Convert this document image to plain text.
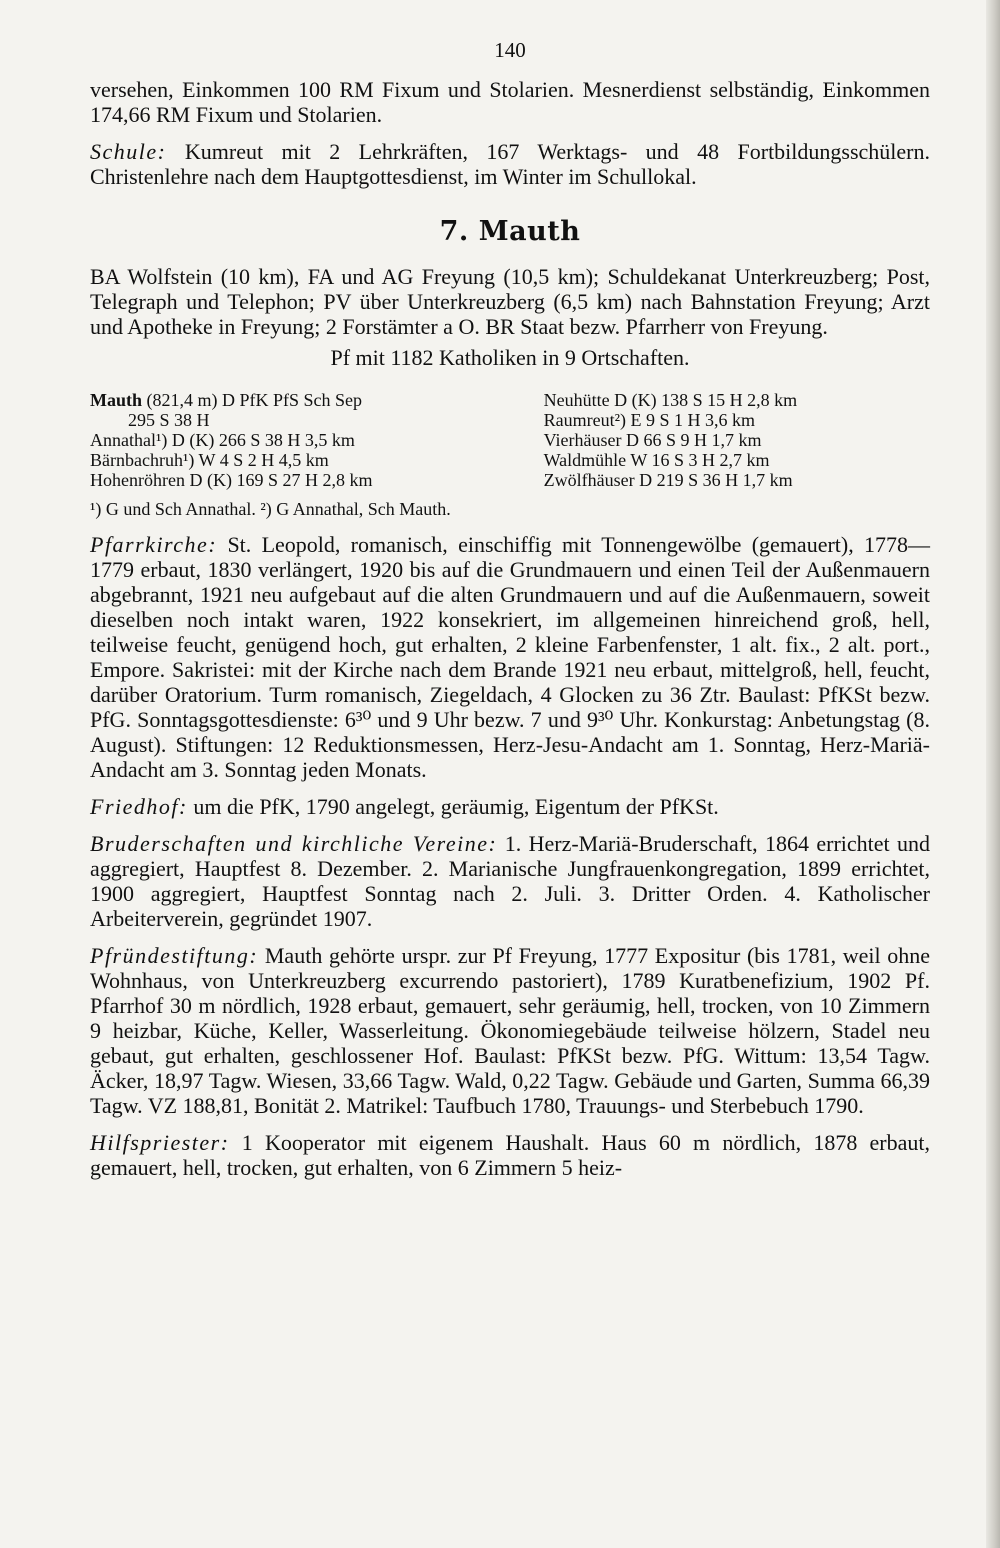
140

versehen, Einkommen 100 RM Fixum und Stolarien. Mesnerdienst selbständig, Einkommen 174,66 RM Fixum und Stolarien.

Schule: Kumreut mit 2 Lehrkräften, 167 Werktags- und 48 Fortbildungsschülern. Christenlehre nach dem Hauptgottesdienst, im Winter im Schullokal.

7. Mauth

BA Wolfstein (10 km), FA und AG Freyung (10,5 km); Schuldekanat Unterkreuzberg; Post, Telegraph und Telephon; PV über Unterkreuzberg (6,5 km) nach Bahnstation Freyung; Arzt und Apotheke in Freyung; 2 Forstämter a O. BR Staat bezw. Pfarrherr von Freyung.

Pf mit 1182 Katholiken in 9 Ortschaften.
Mauth (821,4 m) D PfK PfS Sch Sep
295 S 38 H
Annathal¹) D (K) 266 S 38 H 3,5 km
Bärnbachruh¹) W 4 S 2 H 4,5 km
Hohenröhren D (K) 169 S 27 H 2,8 km
Neuhütte D (K) 138 S 15 H 2,8 km
Raumreut²) E 9 S 1 H 3,6 km
Vierhäuser D 66 S 9 H 1,7 km
Waldmühle W 16 S 3 H 2,7 km
Zwölfhäuser D 219 S 36 H 1,7 km
¹) G und Sch Annathal. ²) G Annathal, Sch Mauth.

Pfarrkirche: St. Leopold, romanisch, einschiffig mit Tonnengewölbe (gemauert), 1778—1779 erbaut, 1830 verlängert, 1920 bis auf die Grundmauern und einen Teil der Außenmauern abgebrannt, 1921 neu aufgebaut auf die alten Grundmauern und auf die Außenmauern, soweit dieselben noch intakt waren, 1922 konsekriert, im allgemeinen hinreichend groß, hell, teilweise feucht, genügend hoch, gut erhalten, 2 kleine Farbenfenster, 1 alt. fix., 2 alt. port., Empore. Sakristei: mit der Kirche nach dem Brande 1921 neu erbaut, mittelgroß, hell, feucht, darüber Oratorium. Turm romanisch, Ziegeldach, 4 Glocken zu 36 Ztr. Baulast: PfKSt bezw. PfG. Sonntagsgottesdienste: 6³⁰ und 9 Uhr bezw. 7 und 9³⁰ Uhr. Konkurstag: Anbetungstag (8. August). Stiftungen: 12 Reduktionsmessen, Herz-Jesu-Andacht am 1. Sonntag, Herz-Mariä-Andacht am 3. Sonntag jeden Monats.

Friedhof: um die PfK, 1790 angelegt, geräumig, Eigentum der PfKSt.

Bruderschaften und kirchliche Vereine: 1. Herz-Mariä-Bruderschaft, 1864 errichtet und aggregiert, Hauptfest 8. Dezember. 2. Marianische Jungfrauenkongregation, 1899 errichtet, 1900 aggregiert, Hauptfest Sonntag nach 2. Juli. 3. Dritter Orden. 4. Katholischer Arbeiterverein, gegründet 1907.

Pfründestiftung: Mauth gehörte urspr. zur Pf Freyung, 1777 Expositur (bis 1781, weil ohne Wohnhaus, von Unterkreuzberg excurrendo pastoriert), 1789 Kuratbenefizium, 1902 Pf. Pfarrhof 30 m nördlich, 1928 erbaut, gemauert, sehr geräumig, hell, trocken, von 10 Zimmern 9 heizbar, Küche, Keller, Wasserleitung. Ökonomiegebäude teilweise hölzern, Stadel neu gebaut, gut erhalten, geschlossener Hof. Baulast: PfKSt bezw. PfG. Wittum: 13,54 Tagw. Äcker, 18,97 Tagw. Wiesen, 33,66 Tagw. Wald, 0,22 Tagw. Gebäude und Garten, Summa 66,39 Tagw. VZ 188,81, Bonität 2. Matrikel: Taufbuch 1780, Trauungs- und Sterbebuch 1790.

Hilfspriester: 1 Kooperator mit eigenem Haushalt. Haus 60 m nördlich, 1878 erbaut, gemauert, hell, trocken, gut erhalten, von 6 Zimmern 5 heiz-
